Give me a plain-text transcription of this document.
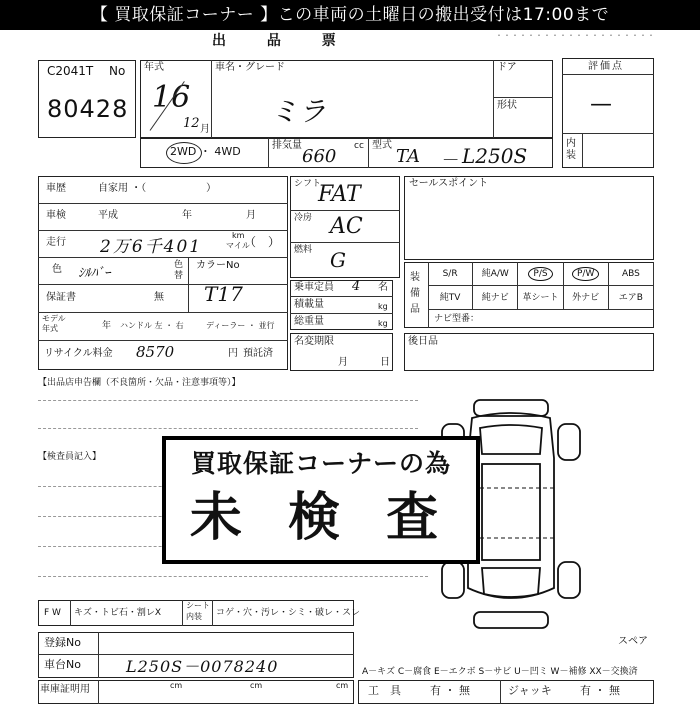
【 買取保証コーナー 】この車両の土曜日の搬出受付は17:00まで
出 品 票	・・・・・・・・・・・・・・・・・・・・
C2041T No
80428
年式
16
12 月
車名・グレード
ミラ
ドア
形状
2WD ・ 4WD	排気量	cc
660
型式
TA － L250S
評価点
—
内装
車歴	自家用 ・（　　　　　　）
車検	平成	年	月
走行 2万6千401
km
マイル
（　）
色 ｼﾙﾊﾞｰ
色
替
カラーNo
T17
保証書	無
モデル
年式	年 ハンドル 左 ・ 右	ディーラー ・ 並行
リサイクル料金 8570	円 預託済
シフト
FAT
冷房 AC
燃料 G
乗車定員 4 名
積載量	kg
総重量	kg
名変期限
月	日
セールスポイント
装
備
品
S/R	純A/W	P/S	P/W	ABS
純TV	純ナビ	革シート	外ナビ	エアB
ナビ型番：
後日品
【出品店申告欄（不良箇所・欠品・注意事項等）】
【検査員記入】
スペア
買取保証コーナーの為
未 検 査
F W キズ・トビ石・割レX
シート
内装 コゲ・穴・汚レ・シミ・破レ・スレ
登録No
車台No	L250S－0078240
車庫証明用	cm	cm	cm
A－キズ C－腐食 E－エクボ S－サビ U－凹ミ W－補修 XX－交換済
工　具	有 ・ 無	ジャッキ	有 ・ 無
